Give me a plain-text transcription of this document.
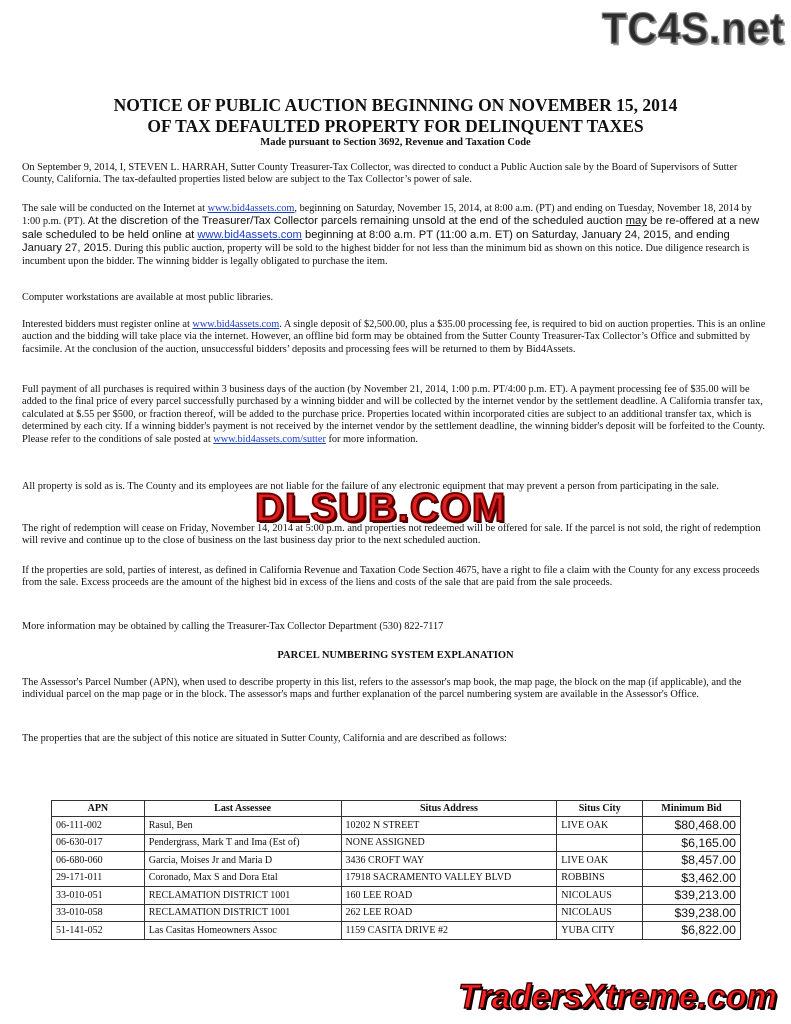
TC4S.net
NOTICE OF PUBLIC AUCTION BEGINNING ON NOVEMBER 15, 2014
OF TAX DEFAULTED PROPERTY FOR DELINQUENT TAXES
Made pursuant to Section 3692, Revenue and Taxation Code

On September 9, 2014, I, STEVEN L. HARRAH, Sutter County Treasurer-Tax Collector, was directed to conduct a Public Auction sale by the Board of Supervisors of Sutter County, California. The tax-defaulted properties listed below are subject to the Tax Collector’s power of sale.

The sale will be conducted on the Internet at www.bid4assets.com, beginning on Saturday, November 15, 2014, at 8:00 a.m. (PT) and ending on Tuesday, November 18, 2014 by 1:00 p.m. (PT). At the discretion of the Treasurer/Tax Collector parcels remaining unsold at the end of the scheduled auction may be re-offered at a new sale scheduled to be held online at www.bid4assets.com beginning at 8:00 a.m. PT (11:00 a.m. ET) on Saturday, January 24, 2015, and ending January 27, 2015. During this public auction, property will be sold to the highest bidder for not less than the minimum bid as shown on this notice. Due diligence research is incumbent upon the bidder. The winning bidder is legally obligated to purchase the item.

Computer workstations are available at most public libraries.

Interested bidders must register online at www.bid4assets.com. A single deposit of $2,500.00, plus a $35.00 processing fee, is required to bid on auction properties. This is an online auction and the bidding will take place via the internet. However, an offline bid form may be obtained from the Sutter County Treasurer-Tax Collector’s Office and submitted by facsimile. At the conclusion of the auction, unsuccessful bidders’ deposits and processing fees will be returned to them by Bid4Assets.

Full payment of all purchases is required within 3 business days of the auction (by November 21, 2014, 1:00 p.m. PT/4:00 p.m. ET). A payment processing fee of $35.00 will be added to the final price of every parcel successfully purchased by a winning bidder and will be collected by the internet vendor by the settlement deadline. A California transfer tax, calculated at $.55 per $500, or fraction thereof, will be added to the purchase price. Properties located within incorporated cities are subject to an additional transfer tax, which is determined by each city. If a winning bidder's payment is not received by the internet vendor by the settlement deadline, the winning bidder's deposit will be forfeited to the County. Please refer to the conditions of sale posted at www.bid4assets.com/sutter for more information.

All property is sold as is. The County and its employees are not liable for the failure of any electronic equipment that may prevent a person from participating in the sale.

The right of redemption will cease on Friday, November 14, 2014 at 5:00 p.m. and properties not redeemed will be offered for sale. If the parcel is not sold, the right of redemption will revive and continue up to the close of business on the last business day prior to the next scheduled auction.

If the properties are sold, parties of interest, as defined in California Revenue and Taxation Code Section 4675, have a right to file a claim with the County for any excess proceeds from the sale. Excess proceeds are the amount of the highest bid in excess of the liens and costs of the sale that are paid from the sale proceeds.

More information may be obtained by calling the Treasurer-Tax Collector Department (530) 822-7117

PARCEL NUMBERING SYSTEM EXPLANATION

The Assessor's Parcel Number (APN), when used to describe property in this list, refers to the assessor's map book, the map page, the block on the map (if applicable), and the individual parcel on the map page or in the block. The assessor's maps and further explanation of the parcel numbering system are available in the Assessor's Office.

The properties that are the subject of this notice are situated in Sutter County, California and are described as follows:

APN	Last Assessee	Situs Address	Situs City	Minimum Bid
06-111-002	Rasul, Ben	10202 N STREET	LIVE OAK	$80,468.00
06-630-017	Pendergrass, Mark T and Ima (Est of)	NONE ASSIGNED		$6,165.00
06-680-060	Garcia, Moises Jr and Maria D	3436 CROFT WAY	LIVE OAK	$8,457.00
29-171-011	Coronado, Max S and Dora Etal	17918 SACRAMENTO VALLEY BLVD	ROBBINS	$3,462.00
33-010-051	RECLAMATION DISTRICT 1001	160 LEE ROAD	NICOLAUS	$39,213.00
33-010-058	RECLAMATION DISTRICT 1001	262 LEE ROAD	NICOLAUS	$39,238.00
51-141-052	Las Casitas Homeowners Assoc	1159 CASITA DRIVE #2	YUBA CITY	$6,822.00
DLSUB.COM
TradersXtreme.com
